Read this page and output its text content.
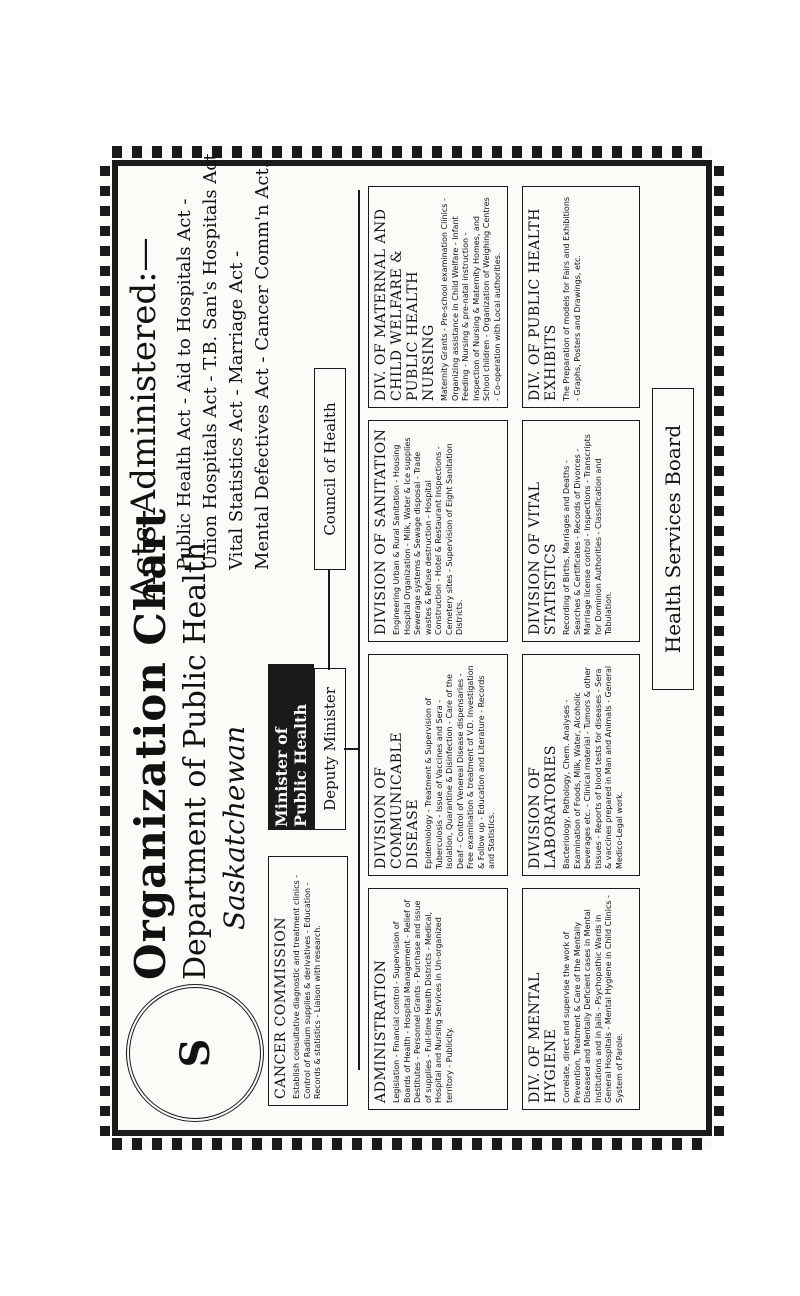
S
Organization Chart Department of Public Health Saskatchewan
Acts Administered:— Public Health Act - Aid to Hospitals Act - Union Hospitals Act - T.B. San's Hospitals Act, Vital Statistics Act - Marriage Act - Mental Defectives Act - Cancer Comm'n Act.
Minister of Public Health Deputy Minister
Council of Health
CANCER COMMISSION Establish consultative diagnostic and treatment clinics - Control of Radium supplies & derivatives - Education - Records & statistics - Liaison with research.	ADMINISTRATION Legislation - Financial control - Supervision of Boards of Health - Hospital Management - Relief of Destitutes - Personnel Grants - Purchase and issue of supplies - Full-time Health Districts - Medical, Hospital and Nursing Services in Un-organized territory - Publicity.
DIVISION OF COMMUNICABLE DISEASE Epidemiology - Treatment & Supervision of Tuberculosis - Issue of Vaccines and Sera - Isolation, Quarantine & Disinfection - Care of the Deaf - Control of Venereal Disease dispensaries - Free examination & treatment of V.D. Investigation & Follow up - Education and Literature - Records and Statistics.
DIVISION OF SANITATION Engineering Urban & Rural Sanitation - Housing Hospital Organization - Milk, Water & Ice supplies Sewerage systems & Sewage disposal - Trade wastes & Refuse destruction - Hospital Construction - Hotel & Restaurant Inspections - Cemetery sites - Supervision of Eight Sanitation Districts.
DIV. OF MATERNAL AND CHILD WELFARE & PUBLIC HEALTH NURSING Maternity Grants - Pre-school examination Clinics - Organizing assistance in Child Welfare - Infant Feeding - Nursing & pre-natal instruction - Inspection of Nursing & Maternity Homes, and School children - Organization of Weighing Centres - Co-operation with Local authorities.
DIV. OF MENTAL HYGIENE Correlate, direct and supervise the work of Prevention, Treatment & Care of the Mentally Diseased and Mentally Deficient cases in Mental Institutions and in Jails - Psychopathic Wards in General Hospitals - Mental Hygiene in Child Clinics - System of Parole.
DIVISION OF LABORATORIES Bacteriology, Pathology, Chem. Analyses - Examination of Foods, Milk, Water, Alcoholic beverages etc. - Clinical material - Tumors & other tissues - Reports of blood tests for diseases - Sera & vaccines prepared in Man and Animals - General Medico-Legal work.
DIVISION OF VITAL STATISTICS Recording of Births, Marriages and Deaths - Searches & Certificates - Records of Divorces - Marriage license control - Inspections - Transcripts for Dominion Authorities - Classification and Tabulation.
DIV. OF PUBLIC HEALTH EXHIBITS The Preparation of models for Fairs and Exhibitions - Graphs, Posters and Drawings, etc.
Health Services Board
